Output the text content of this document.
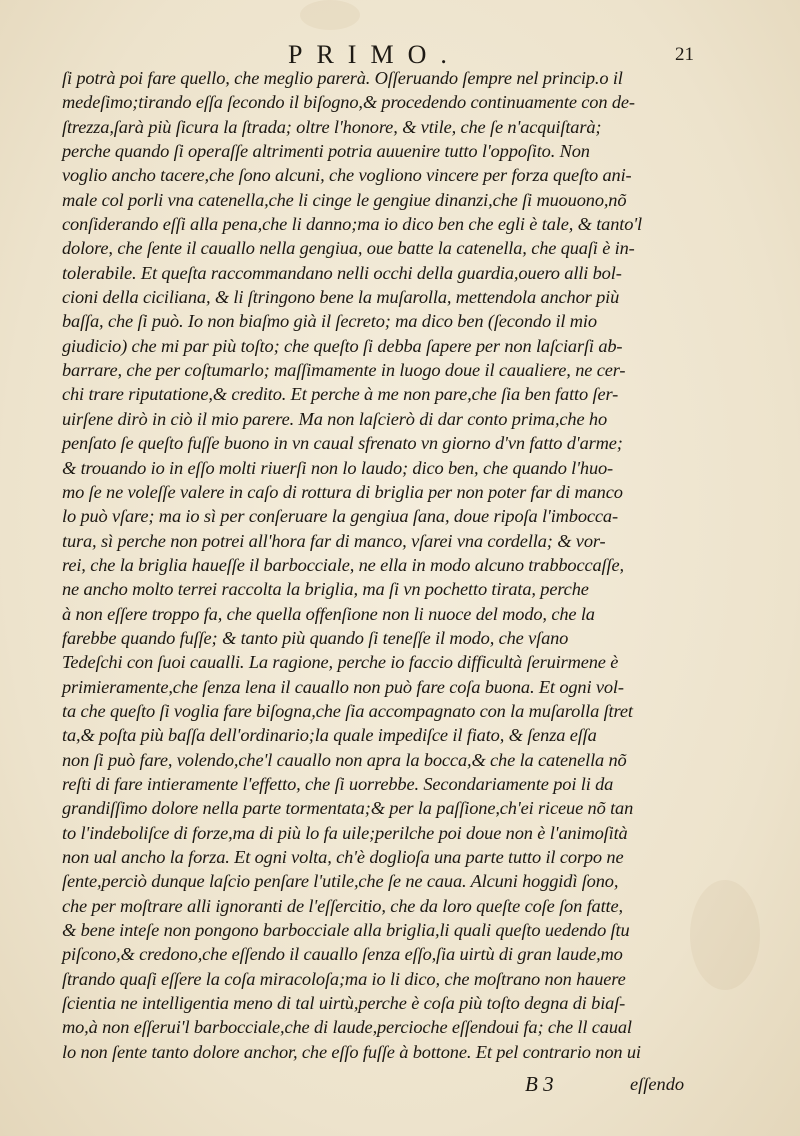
PRIMO.	21
ſi potrà poi fare quello, che meglio parerà. Oſſeruando ſempre nel princip.o il
medeſimo;tirando eſſa ſecondo il biſogno,& procedendo continuamente con de-
ſtrezza,ſarà più ſicura la ſtrada; oltre l'honore, & vtile, che ſe n'acquiſtarà;
perche quando ſi operaſſe altrimenti potria auuenire tutto l'oppoſito. Non
voglio ancho tacere,che ſono alcuni, che vogliono vincere per forza queſto ani-
male col porli vna catenella,che li cinge le gengiue dinanzi,che ſi muouono,nõ
conſiderando eſſi alla pena,che li danno;ma io dico ben che egli è tale, & tanto'l
dolore, che ſente il cauallo nella gengiua, oue batte la catenella, che quaſi è in-
tolerabile. Et queſta raccommandano nelli occhi della guardia,ouero alli bol-
cioni della ciciliana, & li ſtringono bene la muſarolla, mettendola anchor più
baſſa, che ſi può. Io non biaſmo già il ſecreto; ma dico ben (ſecondo il mio
giudicio) che mi par più toſto; che queſto ſi debba ſapere per non laſciarſi ab-
barrare, che per coſtumarlo; maſſimamente in luogo doue il caualiere, ne cer-
chi trare riputatione,& credito. Et perche à me non pare,che ſia ben fatto ſer-
uirſene dirò in ciò il mio parere. Ma non laſcierò di dar conto prima,che ho
penſato ſe queſto fuſſe buono in vn caual sfrenato vn giorno d'vn fatto d'arme;
& trouando io in eſſo molti riuerſi non lo laudo; dico ben, che quando l'huo-
mo ſe ne voleſſe valere in caſo di rottura di briglia per non poter far di manco
lo può vſare; ma io sì per conſeruare la gengiua ſana, doue ripoſa l'imbocca-
tura, sì perche non potrei all'hora far di manco, vſarei vna cordella; & vor-
rei, che la briglia haueſſe il barbocciale, ne ella in modo alcuno trabboccaſſe,
ne ancho molto terrei raccolta la briglia, ma ſi vn pochetto tirata, perche
à non eſſere troppo fa, che quella offenſione non li nuoce del modo, che la
farebbe quando fuſſe; & tanto più quando ſi teneſſe il modo, che vſano
Tedeſchi con ſuoi caualli. La ragione, perche io faccio difficultà ſeruirmene è
primieramente,che ſenza lena il cauallo non può fare coſa buona. Et ogni vol-
ta che queſto ſi voglia fare biſogna,che ſia accompagnato con la muſarolla ſtret
ta,& poſta più baſſa dell'ordinario;la quale impediſce il fiato, & ſenza eſſa
non ſi può fare, volendo,che'l cauallo non apra la bocca,& che la catenella nõ
reſti di fare intieramente l'effetto, che ſi uorrebbe. Secondariamente poi li da
grandiſſimo dolore nella parte tormentata;& per la paſſione,ch'ei riceue nõ tan
to l'indeboliſce di forze,ma di più lo fa uile;perilche poi doue non è l'animoſità
non ual ancho la forza. Et ogni volta, ch'è doglioſa una parte tutto il corpo ne
ſente,perciò dunque laſcio penſare l'utile,che ſe ne caua. Alcuni hoggidì ſono,
che per moſtrare alli ignoranti de l'eſſercitio, che da loro queſte coſe ſon fatte,
& bene inteſe non pongono barbocciale alla briglia,li quali queſto uedendo ſtu
piſcono,& credono,che eſſendo il cauallo ſenza eſſo,ſia uirtù di gran laude,mo
ſtrando quaſi eſſere la coſa miracoloſa;ma io li dico, che moſtrano non hauere
ſcientia ne intelligentia meno di tal uirtù,perche è coſa più toſto degna di biaſ-
mo,à non eſſerui'l barbocciale,che di laude,percioche eſſendoui fa; che ll caual
lo non ſente tanto dolore anchor, che eſſo fuſſe à bottone. Et pel contrario non ui
B 3	eſſendo
